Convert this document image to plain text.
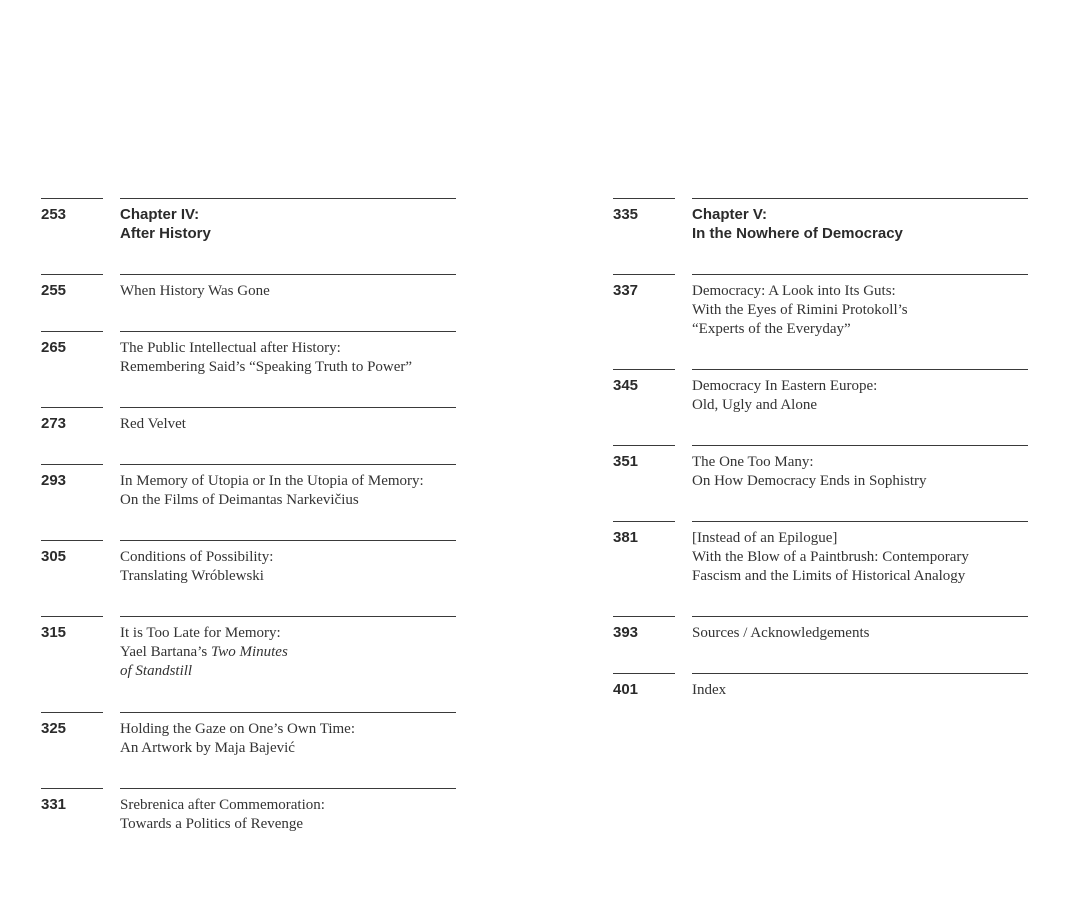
253	Chapter IV:
After History
255	When History Was Gone
265	The Public Intellectual after History:
Remembering Said’s “Speaking Truth to Power”
273	Red Velvet
293	In Memory of Utopia or In the Utopia of Memory:
On the Films of Deimantas Narkevičius
305	Conditions of Possibility:
Translating Wróblewski
315	It is Too Late for Memory:
Yael Bartana’s Two Minutes
of Standstill
325	Holding the Gaze on One’s Own Time:
An Artwork by Maja Bajević
331	Srebrenica after Commemoration:
Towards a Politics of Revenge
335	Chapter V:
In the Nowhere of Democracy
337	Democracy: A Look into Its Guts:
With the Eyes of Rimini Protokoll’s
“Experts of the Everyday”
345	Democracy In Eastern Europe:
Old, Ugly and Alone
351	The One Too Many:
On How Democracy Ends in Sophistry
381	[Instead of an Epilogue]
With the Blow of a Paintbrush: Contemporary
Fascism and the Limits of Historical Analogy
393	Sources / Acknowledgements
401	Index
